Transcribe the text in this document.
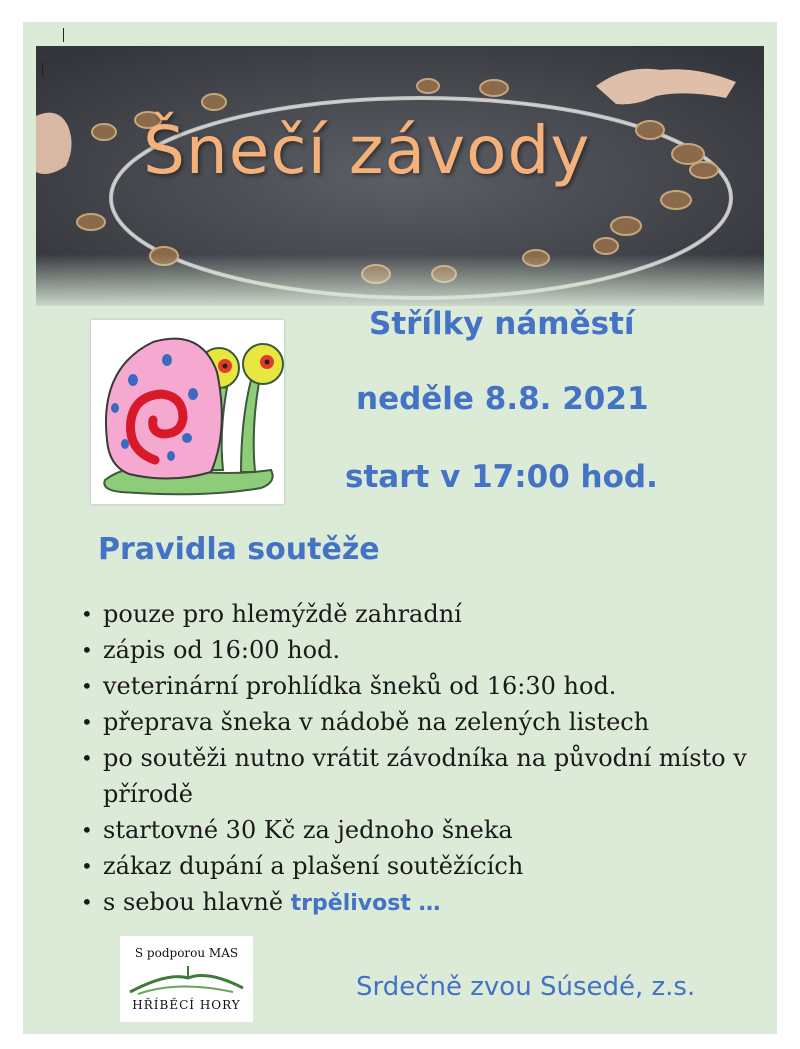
Šnečí závody
Střílky náměstí
neděle 8.8. 2021
start v 17:00 hod.
Pravidla soutěže
• pouze pro hlemýždě zahradní
• zápis od 16:00 hod.
• veterinární prohlídka šneků od 16:30 hod.
• přeprava šneka v nádobě na zelených listech
• po soutěži nutno vrátit závodníka na původní místo v přírodě
• startovné 30 Kč za jednoho šneka
• zákaz dupání a plašení soutěžících
• s sebou hlavně trpělivost …
S podporou MAS
HŘÍBĚCÍ HORY
Srdečně zvou Súsedé, z.s.
